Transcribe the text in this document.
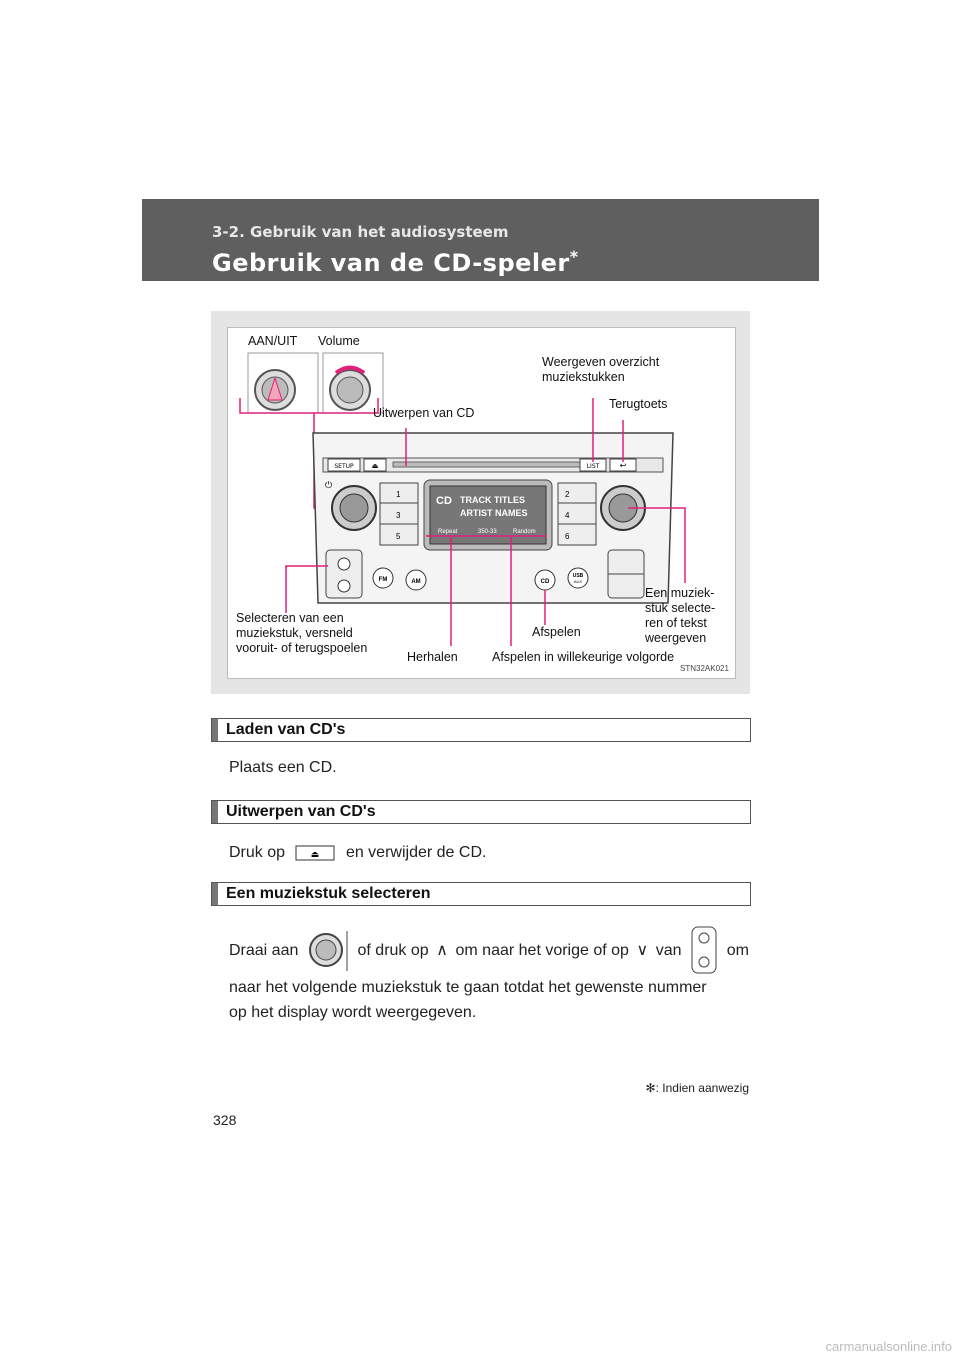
3-2. Gebruik van het audiosysteem
Gebruik van de CD-speler*
SETUP	⏏	LIST	↩
⏻
1
3
5
2
4
6
CD TRACK TITLES
ARTIST NAMES
Repeat	350-33	Random
FM	AM	CD
USB
AUX
AAN/UIT Volume
Weergeven overzicht
muziekstukken
Terugtoets
Uitwerpen van CD
Selecteren van een
muziekstuk, versneld
vooruit- of terugspoelen
Een muziek-
stuk selecte-
ren of tekst
weergeven
Afspelen
Herhalen	Afspelen in willekeurige volgorde
STN32AK021
Laden van CD's
Plaats een CD.
Uitwerpen van CD's
Druk op	⏏ en verwijder de CD.
Een muziekstuk selecteren
Draai aan	of druk op ∧ om naar het vorige of op ∨ van	om
naar het volgende muziekstuk te gaan totdat het gewenste nummer
op het display wordt weergegeven.
✻: Indien aanwezig
328
carmanualsonline.info
